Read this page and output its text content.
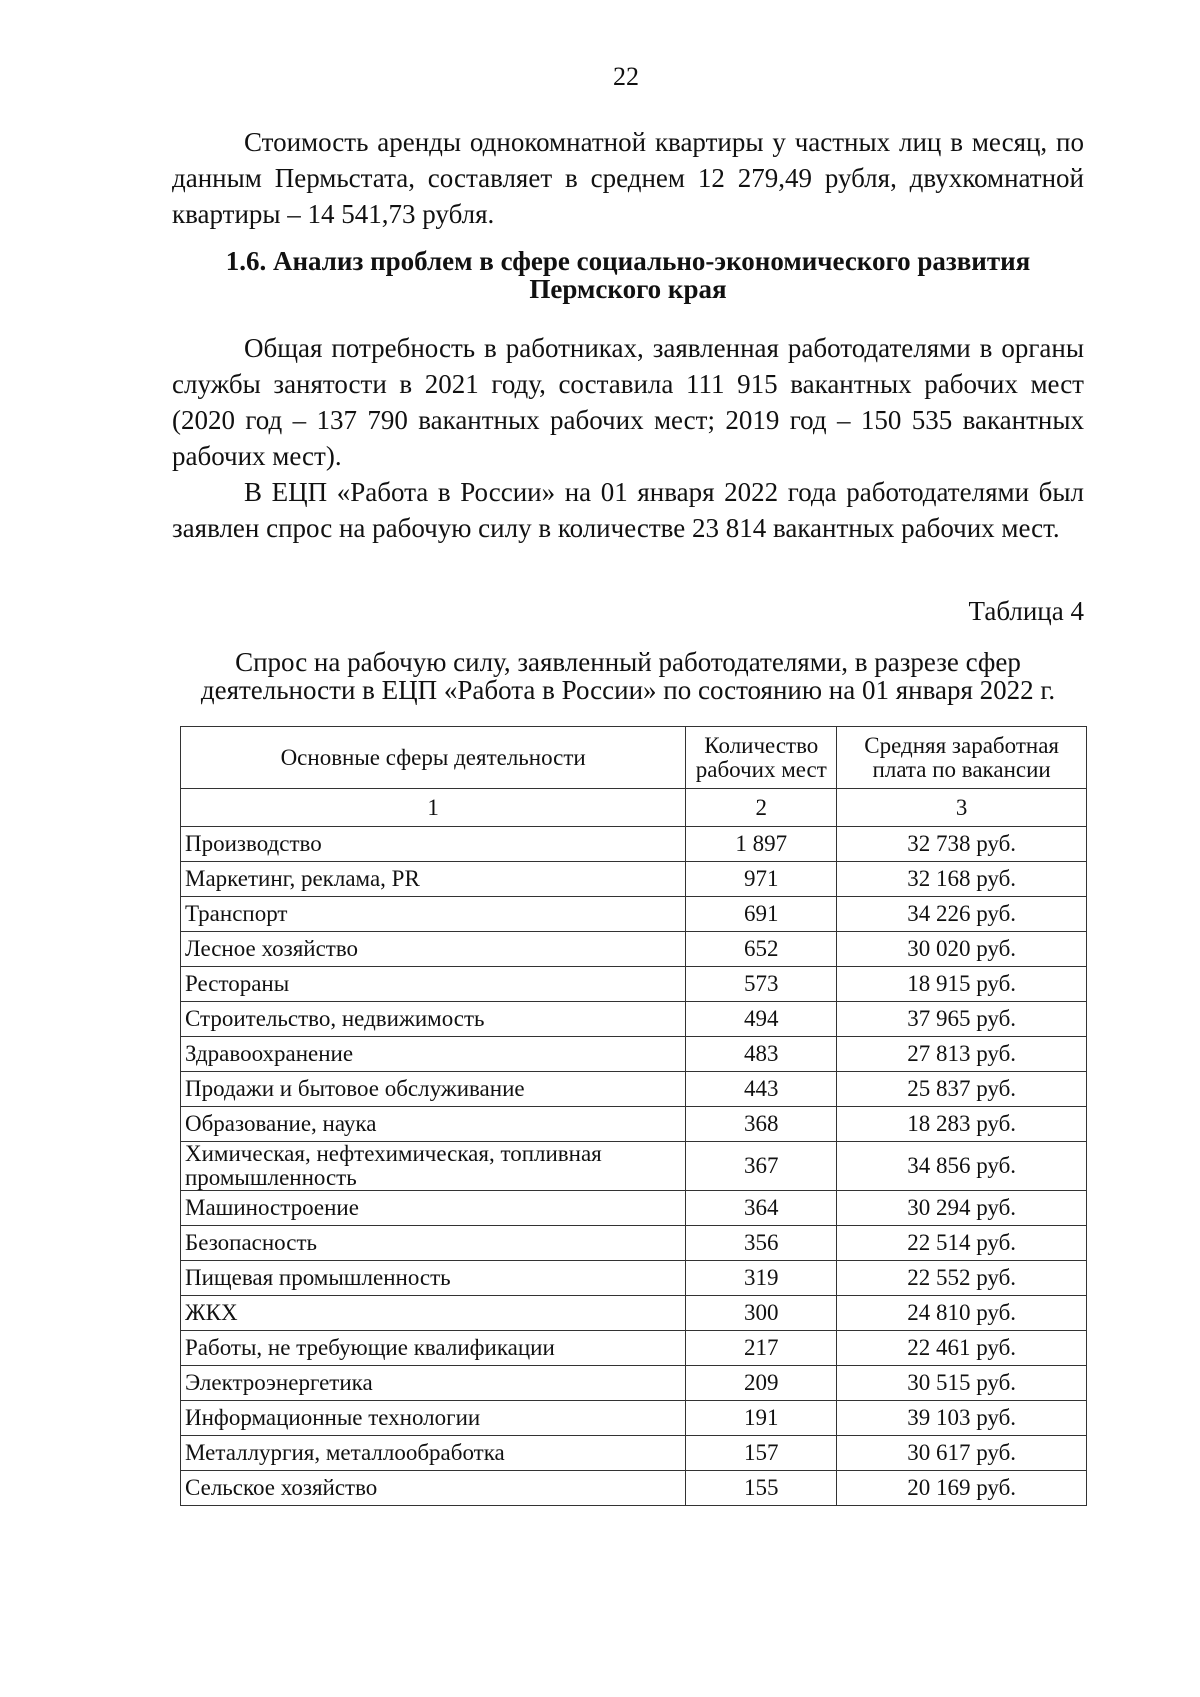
22

Стоимость аренды однокомнатной квартиры у частных лиц в месяц, по данным Пермьстата, составляет в среднем 12 279,49 рубля, двухкомнатной квартиры – 14 541,73 рубля.

1.6. Анализ проблем в сфере социально-экономического развития Пермского края

Общая потребность в работниках, заявленная работодателями в органы службы занятости в 2021 году, составила 111 915 вакантных рабочих мест (2020 год – 137 790 вакантных рабочих мест; 2019 год – 150 535 вакантных рабочих мест).

В ЕЦП «Работа в России» на 01 января 2022 года работодателями был заявлен спрос на рабочую силу в количестве 23 814 вакантных рабочих мест.

Таблица 4

Спрос на рабочую силу, заявленный работодателями, в разрезе сфер деятельности в ЕЦП «Работа в России» по состоянию на 01 января 2022 г.

Основные сферы деятельности	Количество рабочих мест	Средняя заработная плата по вакансии
1	2	3
Производство	1 897	32 738 руб.
Маркетинг, реклама, PR	971	32 168 руб.
Транспорт	691	34 226 руб.
Лесное хозяйство	652	30 020 руб.
Рестораны	573	18 915 руб.
Строительство, недвижимость	494	37 965 руб.
Здравоохранение	483	27 813 руб.
Продажи и бытовое обслуживание	443	25 837 руб.
Образование, наука	368	18 283 руб.
Химическая, нефтехимическая, топливная промышленность	367	34 856 руб.
Машиностроение	364	30 294 руб.
Безопасность	356	22 514 руб.
Пищевая промышленность	319	22 552 руб.
ЖКХ	300	24 810 руб.
Работы, не требующие квалификации	217	22 461 руб.
Электроэнергетика	209	30 515 руб.
Информационные технологии	191	39 103 руб.
Металлургия, металлообработка	157	30 617 руб.
Сельское хозяйство	155	20 169 руб.
